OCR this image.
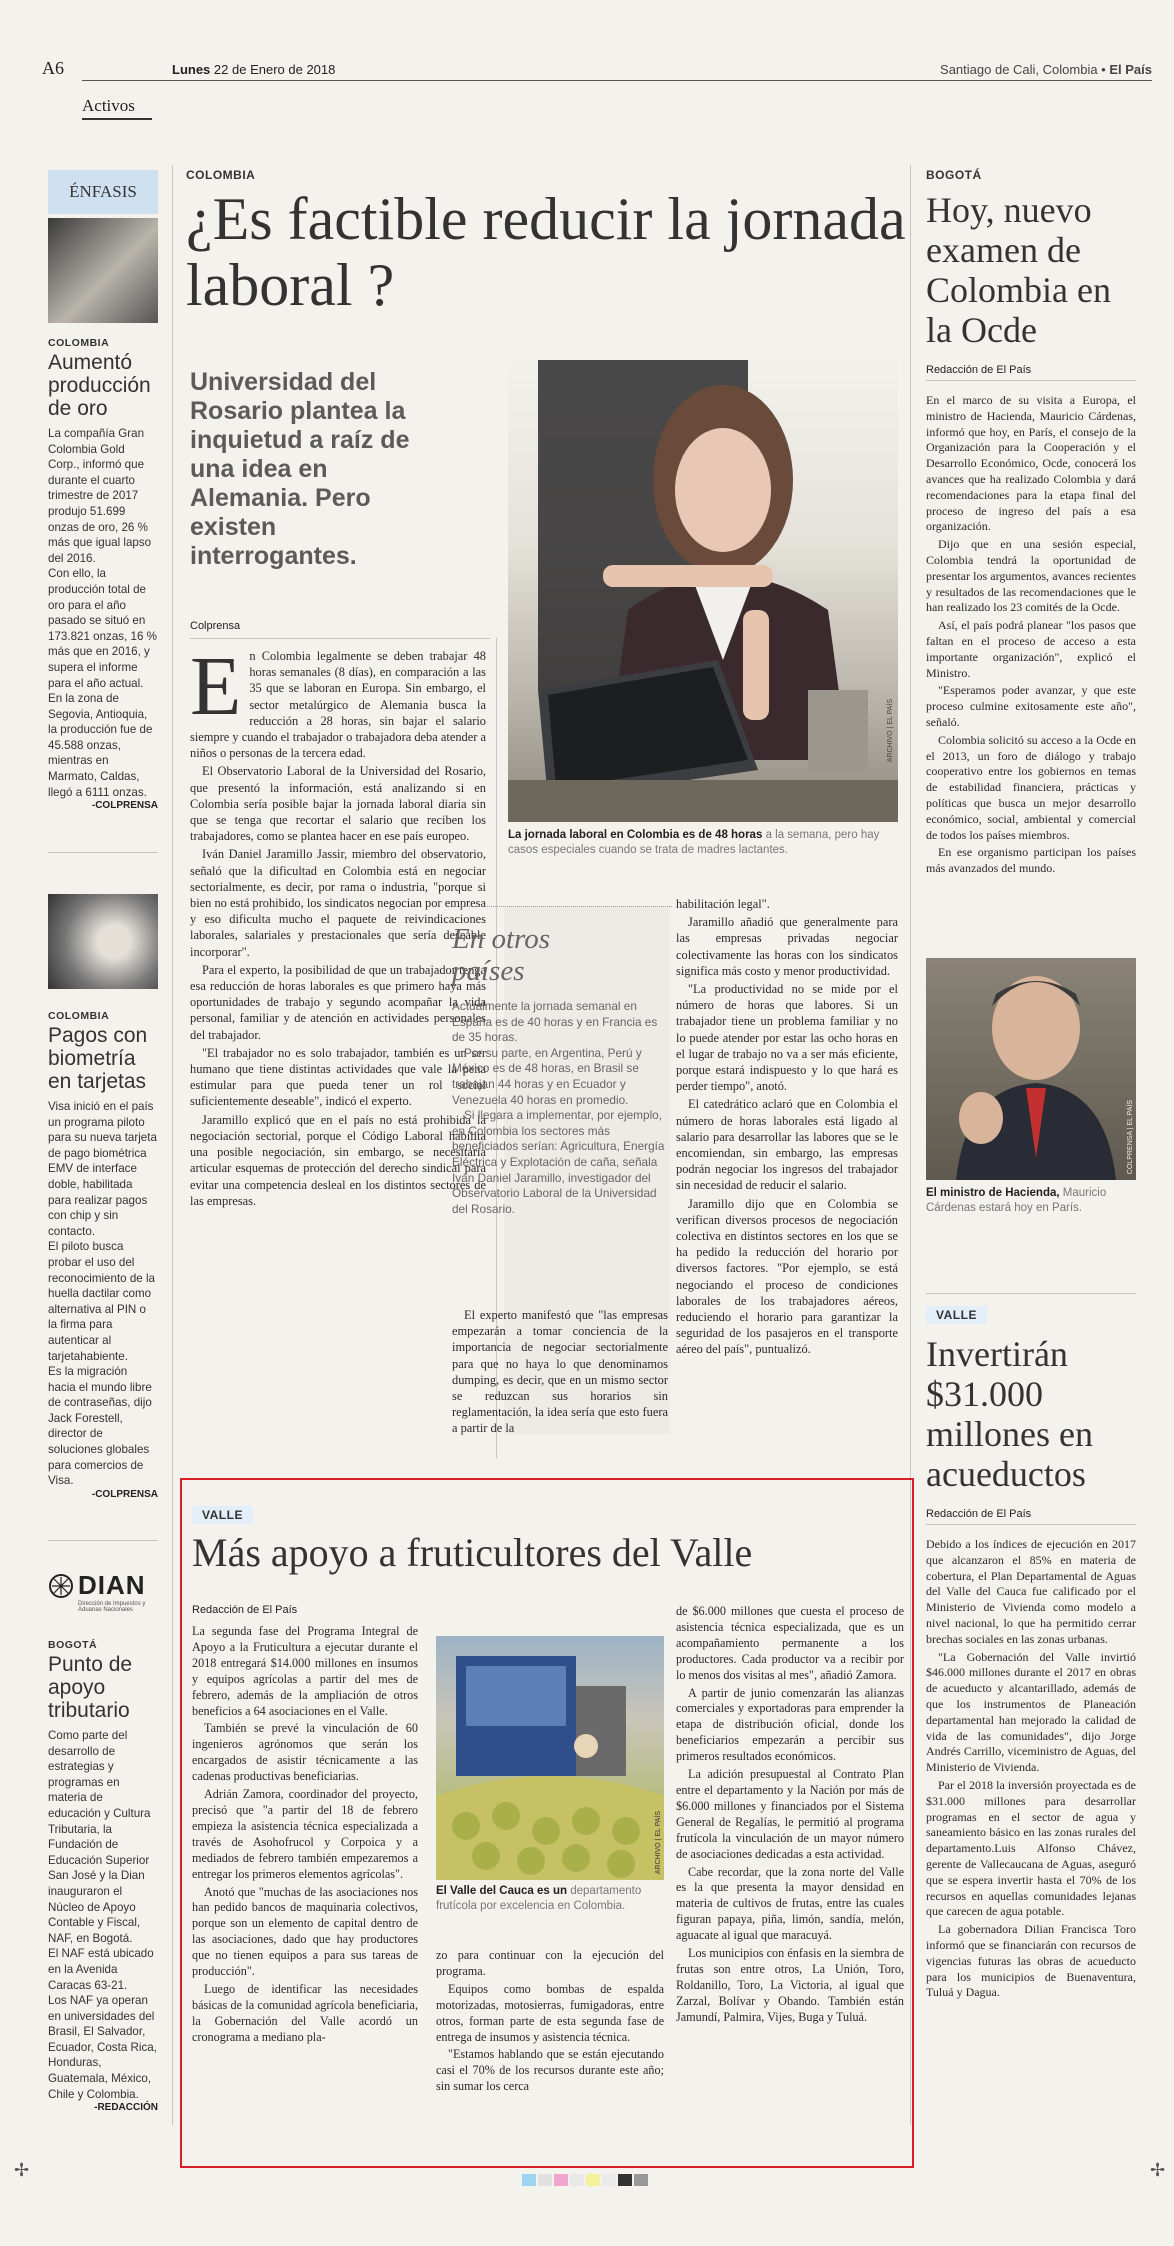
A6	Lunes 22 de Enero de 2018	Santiago de Cali, Colombia • El País
Activos
ÉNFASIS
COLOMBIA
Aumentó producción de oro

La compañía Gran Colombia Gold Corp., informó que durante el cuarto trimestre de 2017 produjo 51.699 onzas de oro, 26 % más que igual lapso del 2016.

Con ello, la producción total de oro para el año pasado se situó en 173.821 onzas, 16 % más que en 2016, y supera el informe para el año actual.

En la zona de Segovia, Antioquia, la producción fue de 45.588 onzas, mientras en Marmato, Caldas, llegó a 6111 onzas.

-COLPRENSA
COLOMBIA
Pagos con biometría en tarjetas

Visa inició en el país un programa piloto para su nueva tarjeta de pago biométrica EMV de interface doble, habilitada para realizar pagos con chip y sin contacto.

El piloto busca probar el uso del reconocimiento de la huella dactilar como alternativa al PIN o la firma para autenticar al tarjetahabiente.

Es la migración hacia el mundo libre de contraseñas, dijo Jack Forestell, director de soluciones globales para comercios de Visa.

-COLPRENSA
DIAN
Dirección de Impuestos y Aduanas Nacionales
BOGOTÁ
Punto de apoyo tributario

Como parte del desarrollo de estrategias y programas en materia de educación y Cultura Tributaria, la Fundación de Educación Superior San José y la Dian inauguraron el Núcleo de Apoyo Contable y Fiscal, NAF, en Bogotá.

El NAF está ubicado en la Avenida Caracas 63-21.

Los NAF ya operan en universidades del Brasil, El Salvador, Ecuador, Costa Rica, Honduras, Guatemala, México, Chile y Colombia.

-REDACCIÓN
COLOMBIA
¿Es factible reducir la jornada laboral ?
Universidad del Rosario plantea la inquietud a raíz de una idea en Alemania. Pero existen interrogantes.
ARCHIVO | EL PAÍS
La jornada laboral en Colombia es de 48 horas a la semana, pero hay casos especiales cuando se trata de madres lactantes.
Colprensa
E n Colombia legalmente se deben trabajar 48 horas semanales (8 días), en comparación a las 35 que se laboran en Europa. Sin embargo, el sector metalúrgico de Alemania busca la reducción a 28 horas, sin bajar el salario siempre y cuando el trabajador o trabajadora deba atender a niños o personas de la tercera edad.

El Observatorio Laboral de la Universidad del Rosario, que presentó la información, está analizando si en Colombia sería posible bajar la jornada laboral diaria sin que se tenga que recortar el salario que reciben los trabajadores, como se plantea hacer en ese país europeo.

Iván Daniel Jaramillo Jassir, miembro del observatorio, señaló que la dificultad en Colombia está en negociar sectorialmente, es decir, por rama o industria, "porque si bien no está prohibido, los sindicatos negocian por empresa y eso dificulta mucho el paquete de reivindicaciones laborales, salariales y prestacionales que sería deseable incorporar".

Para el experto, la posibilidad de que un trabajador tenga esa reducción de horas laborales es que primero haya más oportunidades de trabajo y segundo acompañar la vida personal, familiar y de atención en actividades personales del trabajador.

"El trabajador no es solo trabajador, también es un ser humano que tiene distintas actividades que vale la pena estimular para que pueda tener un rol social suficientemente deseable", indicó el experto.

Jaramillo explicó que en el país no está prohibida la negociación sectorial, porque el Código Laboral habilita una posible negociación, sin embargo, se necesitaría articular esquemas de protección del derecho sindical para evitar una competencia desleal en los distintos sectores de las empresas.

En otros países

Actualmente la jornada semanal en España es de 40 horas y en Francia es de 35 horas.

Por su parte, en Argentina, Perú y México es de 48 horas, en Brasil se trabajan 44 horas y en Ecuador y Venezuela 40 horas en promedio.

Si llegara a implementar, por ejemplo, en Colombia los sectores más beneficiados serían: Agricultura, Energía Eléctrica y Explotación de caña, señala Iván Daniel Jaramillo, investigador del Observatorio Laboral de la Universidad del Rosario.

El experto manifestó que "las empresas empezarán a tomar conciencia de la importancia de negociar sectorialmente para que no haya lo que denominamos dumping, es decir, que en un mismo sector se reduzcan sus horarios sin reglamentación, la idea sería que esto fuera a partir de la

habilitación legal".

Jaramillo añadió que generalmente para las empresas privadas negociar colectivamente las horas con los sindicatos significa más costo y menor productividad.

"La productividad no se mide por el número de horas que labores. Si un trabajador tiene un problema familiar y no lo puede atender por estar las ocho horas en el lugar de trabajo no va a ser más eficiente, porque estará indispuesto y lo que hará es perder tiempo", anotó.

El catedrático aclaró que en Colombia el número de horas laborales está ligado al salario para desarrollar las labores que se le encomiendan, sin embargo, las empresas podrán negociar los ingresos del trabajador sin necesidad de reducir el salario.

Jaramillo dijo que en Colombia se verifican diversos procesos de negociación colectiva en distintos sectores en los que se ha pedido la reducción del horario por diversos factores. "Por ejemplo, se está negociando el proceso de condiciones laborales de los trabajadores aéreos, reduciendo el horario para garantizar la seguridad de los pasajeros en el transporte aéreo del país", puntualizó.

BOGOTÁ
Hoy, nuevo examen de Colombia en la Ocde
Redacción de El País

En el marco de su visita a Europa, el ministro de Hacienda, Mauricio Cárdenas, informó que hoy, en París, el consejo de la Organización para la Cooperación y el Desarrollo Económico, Ocde, conocerá los avances que ha realizado Colombia y dará recomendaciones para la etapa final del proceso de ingreso del país a esa organización.

Dijo que en una sesión especial, Colombia tendrá la oportunidad de presentar los argumentos, avances recientes y resultados de las recomendaciones que le han realizado los 23 comités de la Ocde.

Así, el país podrá planear "los pasos que faltan en el proceso de acceso a esta importante organización", explicó el Ministro.

"Esperamos poder avanzar, y que este proceso culmine exitosamente este año", señaló.

Colombia solicitó su acceso a la Ocde en el 2013, un foro de diálogo y trabajo cooperativo entre los gobiernos en temas de estabilidad financiera, prácticas y políticas que busca un mejor desarrollo económico, social, ambiental y comercial de todos los países miembros.

En ese organismo participan los países más avanzados del mundo.

COLPRENSA | EL PAÍS
El ministro de Hacienda, Mauricio Cárdenas estará hoy en París.
VALLE
Invertirán $31.000 millones en acueductos
Redacción de El País

Debido a los índices de ejecución en 2017 que alcanzaron el 85% en materia de cobertura, el Plan Departamental de Aguas del Valle del Cauca fue calificado por el Ministerio de Vivienda como modelo a nivel nacional, lo que ha permitido cerrar brechas sociales en las zonas urbanas.

"La Gobernación del Valle invirtió $46.000 millones durante el 2017 en obras de acueducto y alcantarillado, además de que los instrumentos de Planeación departamental han mejorado la calidad de vida de las comunidades", dijo Jorge Andrés Carrillo, viceministro de Aguas, del Ministerio de Vivienda.

Par el 2018 la inversión proyectada es de $31.000 millones para desarrollar programas en el sector de agua y saneamiento básico en las zonas rurales del departamento.Luis Alfonso Chávez, gerente de Vallecaucana de Aguas, aseguró que se espera invertir hasta el 70% de los recursos en aquellas comunidades lejanas que carecen de agua potable.

La gobernadora Dilian Francisca Toro informó que se financiarán con recursos de vigencias futuras las obras de acueducto para los municipios de Buenaventura, Tuluá y Dagua.

VALLE
Más apoyo a fruticultores del Valle
Redacción de El País

La segunda fase del Programa Integral de Apoyo a la Fruticultura a ejecutar durante el 2018 entregará $14.000 millones en insumos y equipos agrícolas a partir del mes de febrero, además de la ampliación de otros beneficios a 64 asociaciones en el Valle.

También se prevé la vinculación de 60 ingenieros agrónomos que serán los encargados de asistir técnicamente a las cadenas productivas beneficiarias.

Adrián Zamora, coordinador del proyecto, precisó que "a partir del 18 de febrero empieza la asistencia técnica especializada a través de Asohofrucol y Corpoica y a mediados de febrero también empezaremos a entregar los primeros elementos agrícolas".

Anotó que "muchas de las asociaciones nos han pedido bancos de maquinaria colectivos, porque son un elemento de capital dentro de las asociaciones, dado que hay productores que no tienen equipos a para sus tareas de producción".

Luego de identificar las necesidades básicas de la comunidad agrícola beneficiaria, la Gobernación del Valle acordó un cronograma a mediano pla-

ARCHIVO | EL PAÍS
El Valle del Cauca es un departamento frutícola por excelencia en Colombia.

zo para continuar con la ejecución del programa.

Equipos como bombas de espalda motorizadas, motosierras, fumigadoras, entre otros, forman parte de esta segunda fase de entrega de insumos y asistencia técnica.

"Estamos hablando que se están ejecutando casi el 70% de los recursos durante este año; sin sumar los cerca

de $6.000 millones que cuesta el proceso de asistencia técnica especializada, que es un acompañamiento permanente a los productores. Cada productor va a recibir por lo menos dos visitas al mes", añadió Zamora.

A partir de junio comenzarán las alianzas comerciales y exportadoras para emprender la etapa de distribución oficial, donde los beneficiarios empezarán a percibir sus primeros resultados económicos.

La adición presupuestal al Contrato Plan entre el departamento y la Nación por más de $6.000 millones y financiados por el Sistema General de Regalías, le permitió al programa frutícola la vinculación de un mayor número de asociaciones dedicadas a esta actividad.

Cabe recordar, que la zona norte del Valle es la que presenta la mayor densidad en materia de cultivos de frutas, entre las cuales figuran papaya, piña, limón, sandía, melón, aguacate al igual que maracuyá.

Los municipios con énfasis en la siembra de frutas son entre otros, La Unión, Toro, Roldanillo, Toro, La Victoria, al igual que Zarzal, Bolívar y Obando. También están Jamundí, Palmira, Vijes, Buga y Tuluá.

✢	✢
